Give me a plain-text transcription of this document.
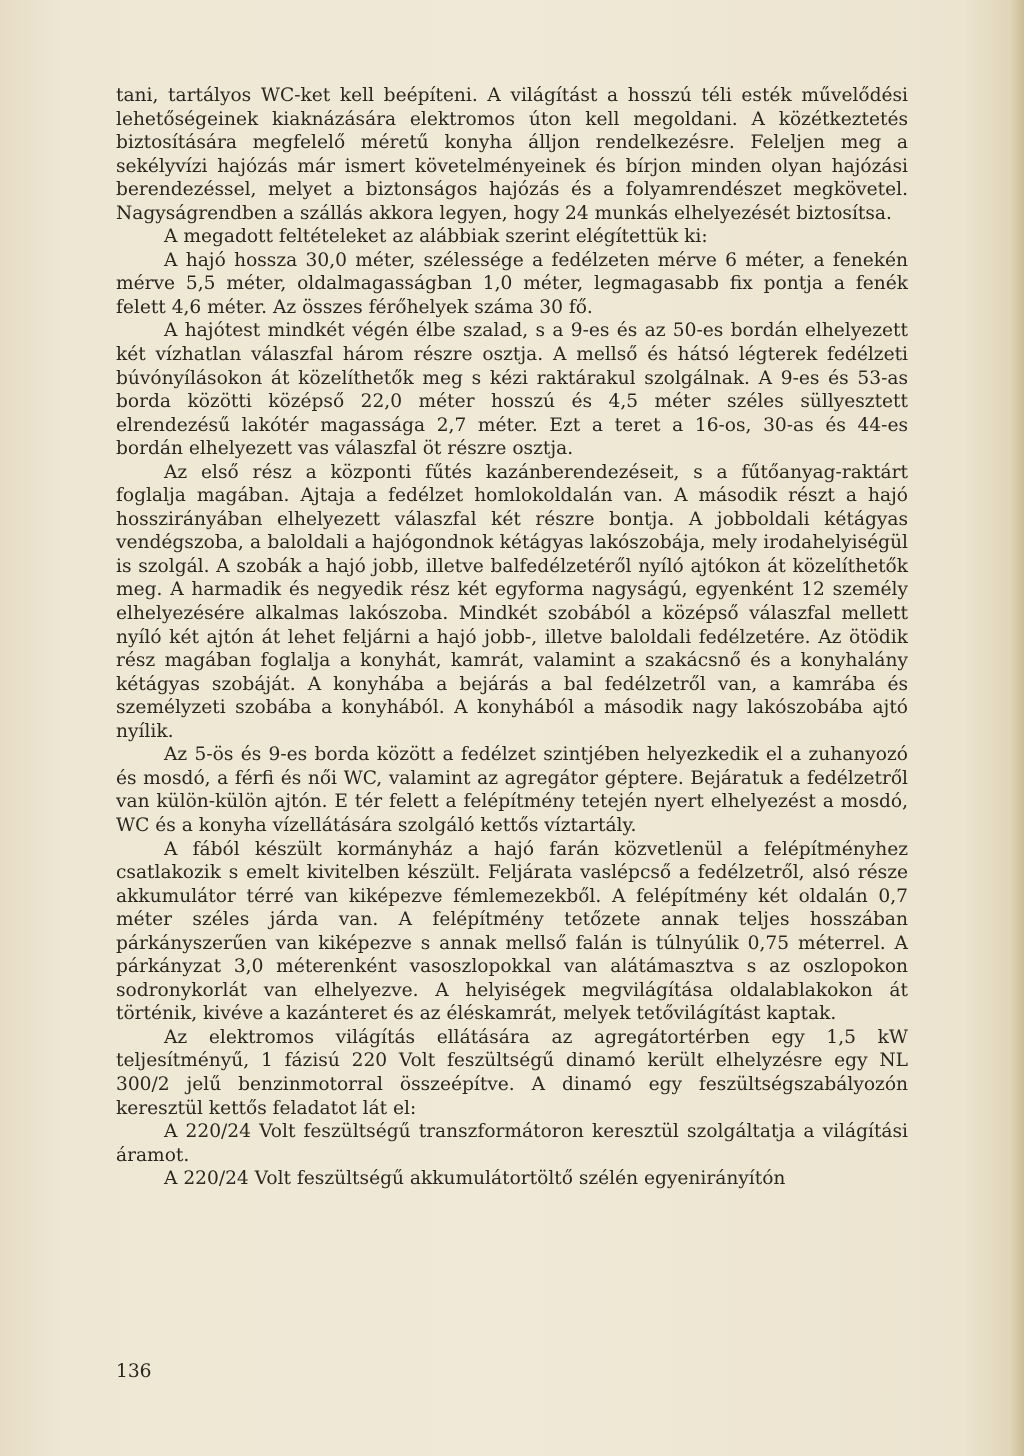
tani, tartályos WC-ket kell beépíteni. A világítást a hosszú téli esték művelődési lehetőségeinek kiaknázására elektromos úton kell megoldani. A közétkeztetés biztosítására megfelelő méretű konyha álljon rendelkezésre. Feleljen meg a sekélyvízi hajózás már ismert követelményeinek és bírjon minden olyan hajózási berendezéssel, melyet a biztonságos hajózás és a folyamrendészet megkövetel. Nagyságrendben a szállás akkora legyen, hogy 24 munkás elhelyezését biztosítsa.

A megadott feltételeket az alábbiak szerint elégítettük ki:

A hajó hossza 30,0 méter, szélessége a fedélzeten mérve 6 méter, a fenekén mérve 5,5 méter, oldalmagasságban 1,0 méter, legmagasabb fix pontja a fenék felett 4,6 méter. Az összes férőhelyek száma 30 fő.

A hajótest mindkét végén élbe szalad, s a 9-es és az 50-es bordán elhelyezett két vízhatlan válaszfal három részre osztja. A mellső és hátsó légterek fedélzeti búvónyílásokon át közelíthetők meg s kézi raktárakul szolgálnak. A 9-es és 53-as borda közötti középső 22,0 méter hosszú és 4,5 méter széles süllyesztett elrendezésű lakótér magassága 2,7 méter. Ezt a teret a 16-os, 30-as és 44-es bordán elhelyezett vas válaszfal öt részre osztja.

Az első rész a központi fűtés kazánberendezéseit, s a fűtőanyag-raktárt foglalja magában. Ajtaja a fedélzet homlokoldalán van. A második részt a hajó hosszirányában elhelyezett válaszfal két részre bontja. A jobboldali kétágyas vendégszoba, a baloldali a hajógondnok kétágyas lakószobája, mely irodahelyiségül is szolgál. A szobák a hajó jobb, illetve balfedélzetéről nyíló ajtókon át közelíthetők meg. A harmadik és negyedik rész két egyforma nagyságú, egyenként 12 személy elhelyezésére alkalmas lakószoba. Mindkét szobából a középső válaszfal mellett nyíló két ajtón át lehet feljárni a hajó jobb-, illetve baloldali fedélzetére. Az ötödik rész magában foglalja a konyhát, kamrát, valamint a szakácsnő és a konyhalány kétágyas szobáját. A konyhába a bejárás a bal fedélzetről van, a kamrába és személyzeti szobába a konyhából. A konyhából a második nagy lakószobába ajtó nyílik.

Az 5-ös és 9-es borda között a fedélzet szintjében helyezkedik el a zuhanyozó és mosdó, a férfi és női WC, valamint az agregátor géptere. Bejáratuk a fedélzetről van külön-külön ajtón. E tér felett a felépítmény tetején nyert elhelyezést a mosdó, WC és a konyha vízellátására szolgáló kettős víztartály.

A fából készült kormányház a hajó farán közvetlenül a felépítményhez csatlakozik s emelt kivitelben készült. Feljárata vaslépcső a fedélzetről, alsó része akkumulátor térré van kiképezve fémlemezekből. A felépítmény két oldalán 0,7 méter széles járda van. A felépítmény tetőzete annak teljes hosszában párkányszerűen van kiképezve s annak mellső falán is túlnyúlik 0,75 méterrel. A párkányzat 3,0 méterenként vasoszlopokkal van alátámasztva s az oszlopokon sodronykorlát van elhelyezve. A helyiségek megvilágítása oldalablakokon át történik, kivéve a kazánteret és az éléskamrát, melyek tetővilágítást kaptak.

Az elektromos világítás ellátására az agregátortérben egy 1,5 kW teljesítményű, 1 fázisú 220 Volt feszültségű dinamó került elhelyzésre egy NL 300/2 jelű benzinmotorral összeépítve. A dinamó egy feszültségszabályozón keresztül kettős feladatot lát el:

A 220/24 Volt feszültségű transzformátoron keresztül szolgáltatja a világítási áramot.

A 220/24 Volt feszültségű akkumulátortöltő szélén egyenirányítón

136
